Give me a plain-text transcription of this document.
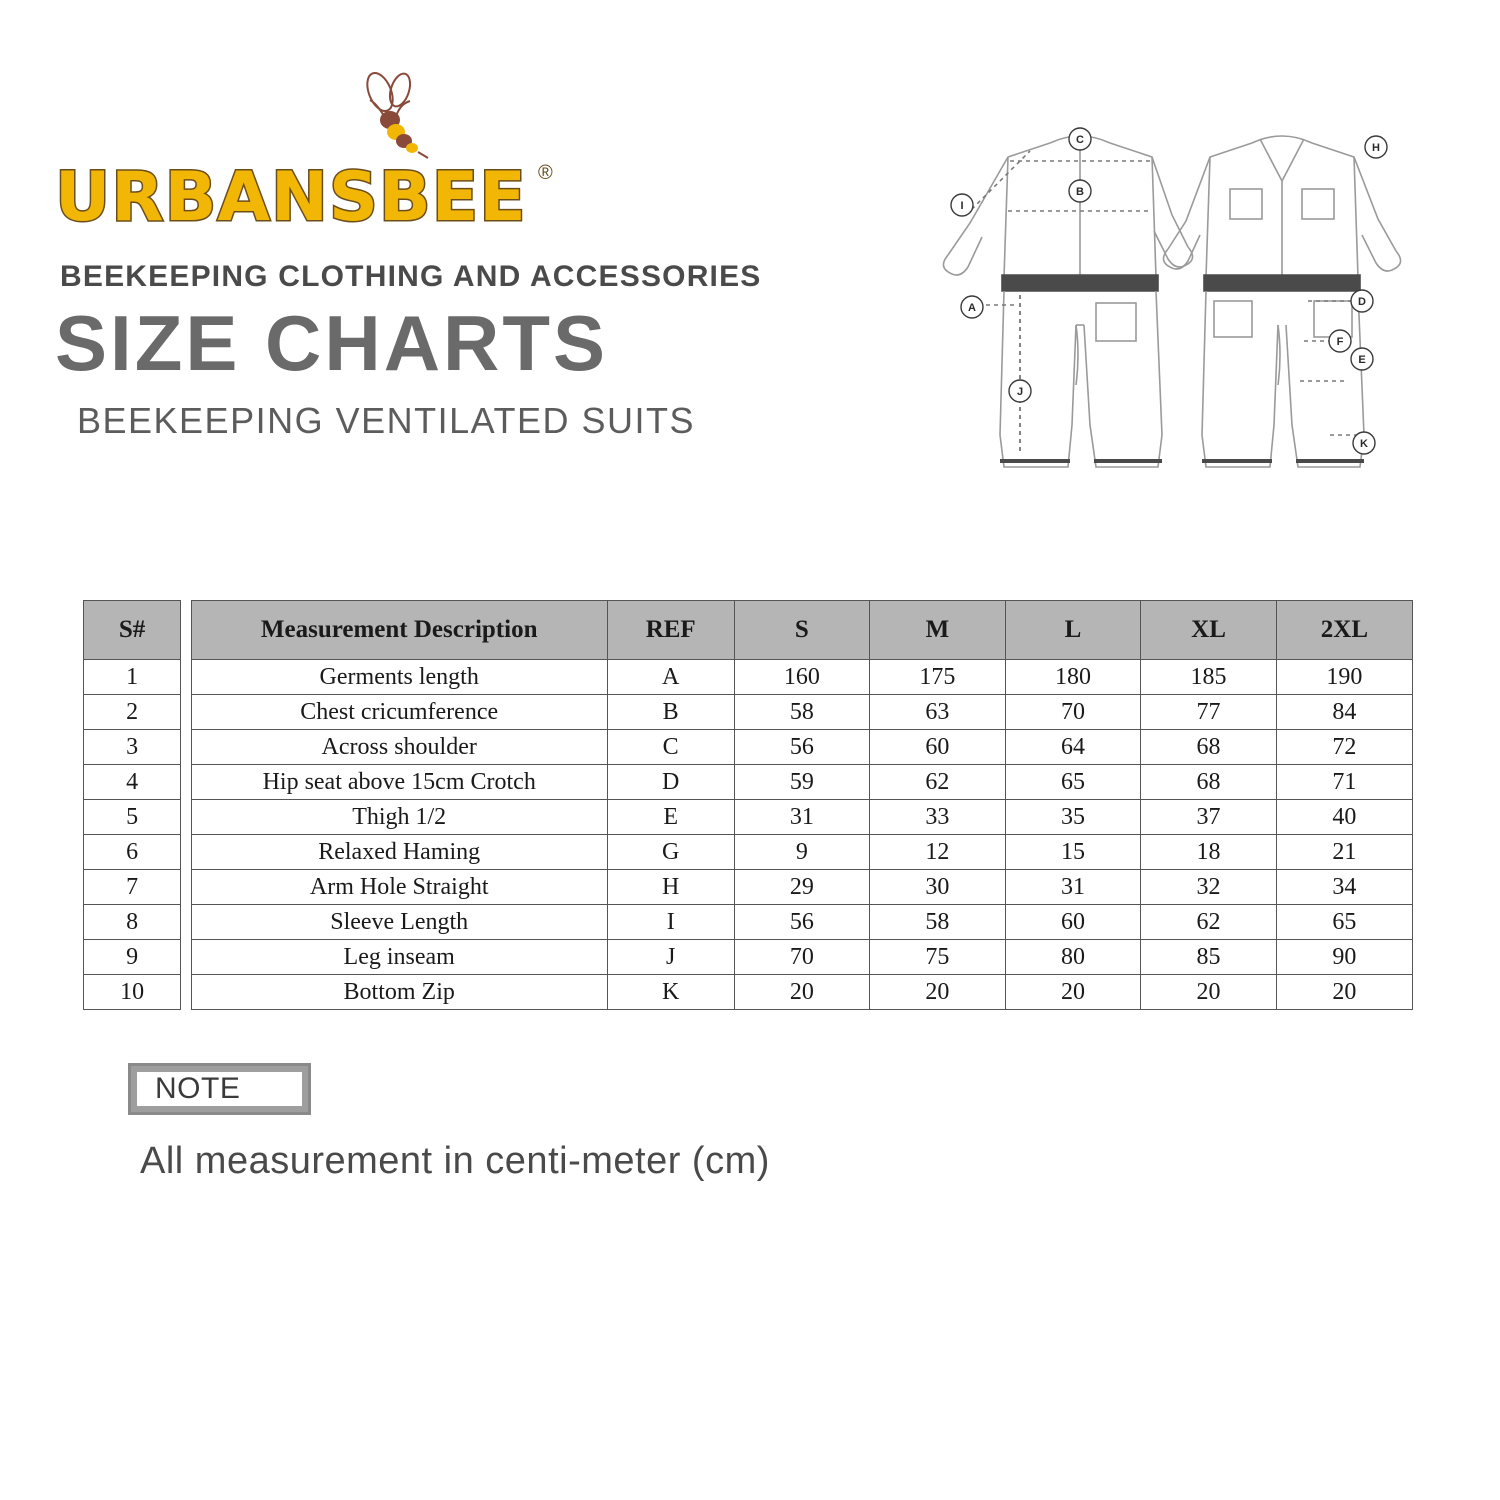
URBANSBEE ®
BEEKEEPING CLOTHING AND ACCESSORIES
SIZE CHARTS
BEEKEEPING VENTILATED SUITS
C
B
I
A
J
H
D
F
E
K
S#		Measurement Description	REF	S	M	L	XL	2XL
1		Germents length	A	160	175	180	185	190
2		Chest cricumference	B	58	63	70	77	84
3		Across shoulder	C	56	60	64	68	72
4		Hip seat above 15cm Crotch	D	59	62	65	68	71
5		Thigh 1/2	E	31	33	35	37	40
6		Relaxed Haming	G	9	12	15	18	21
7		Arm Hole Straight	H	29	30	31	32	34
8		Sleeve Length	I	56	58	60	62	65
9		Leg inseam	J	70	75	80	85	90
10		Bottom Zip	K	20	20	20	20	20
NOTE
All measurement in centi-meter (cm)
